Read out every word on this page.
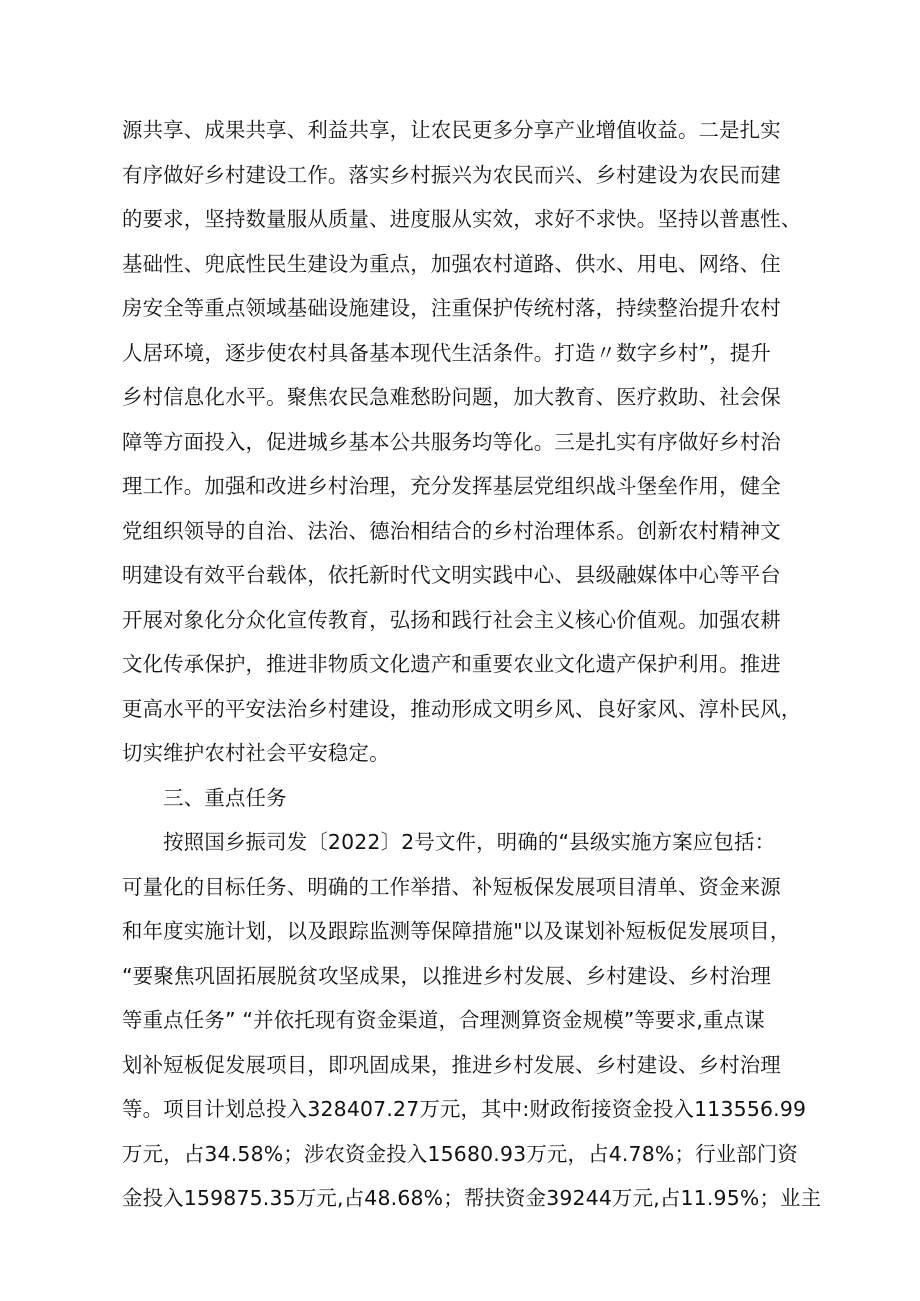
源共享、成果共享、利益共享，让农民更多分享产业增值收益。二是扎实
有序做好乡村建设工作。落实乡村振兴为农民而兴、乡村建设为农民而建
的要求，坚持数量服从质量、进度服从实效，求好不求快。坚持以普惠性、
基础性、兜底性民生建设为重点，加强农村道路、供水、用电、网络、住
房安全等重点领域基础设施建设，注重保护传统村落，持续整治提升农村
人居环境，逐步使农村具备基本现代生活条件。打造〃数字乡村”，提升
乡村信息化水平。聚焦农民急难愁盼问题，加大教育、医疗救助、社会保
障等方面投入，促进城乡基本公共服务均等化。三是扎实有序做好乡村治
理工作。加强和改进乡村治理，充分发挥基层党组织战斗堡垒作用，健全
党组织领导的自治、法治、德治相结合的乡村治理体系。创新农村精神文
明建设有效平台载体，依托新时代文明实践中心、县级融媒体中心等平台
开展对象化分众化宣传教育，弘扬和践行社会主义核心价值观。加强农耕
文化传承保护，推进非物质文化遗产和重要农业文化遗产保护利用。推进
更高水平的平安法治乡村建设，推动形成文明乡风、良好家风、淳朴民风，
切实维护农村社会平安稳定。
　　三、重点任务
　　按照国乡振司发〔2022〕2号文件，明确的“县级实施方案应包括：
可量化的目标任务、明确的工作举措、补短板保发展项目清单、资金来源
和年度实施计划，以及跟踪监测等保障措施"以及谋划补短板促发展项目，
“要聚焦巩固拓展脱贫攻坚成果，以推进乡村发展、乡村建设、乡村治理
等重点任务” “并依托现有资金渠道，合理测算资金规模”等要求,重点谋
划补短板促发展项目，即巩固成果，推进乡村发展、乡村建设、乡村治理
等。项目计划总投入328407.27万元，其中:财政衔接资金投入113556.99
万元，占34.58%；涉农资金投入15680.93万元，占4.78%；行业部门资
金投入159875.35万元,占48.68%；帮扶资金39244万元,占11.95%；业主
